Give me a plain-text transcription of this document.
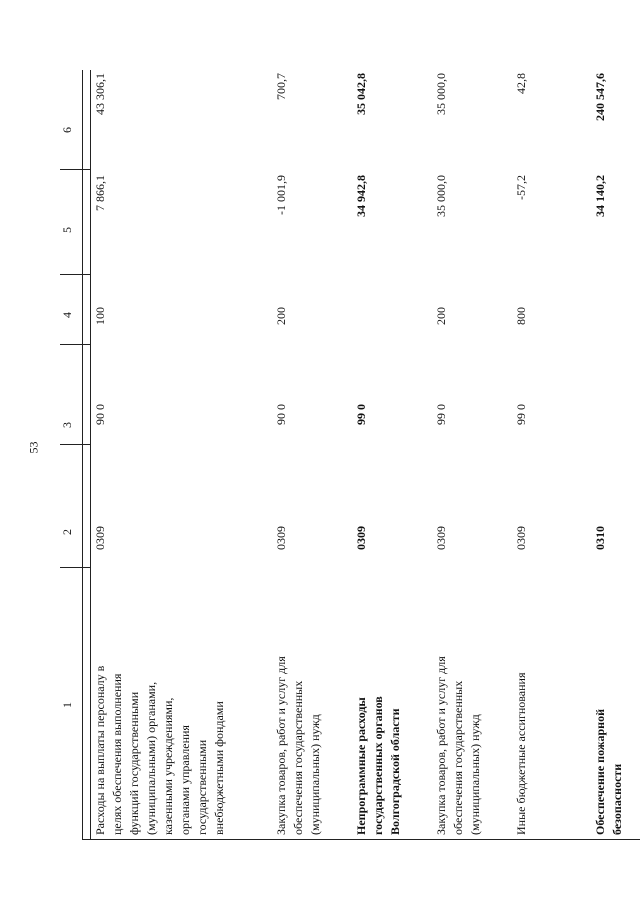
53
1
2
3
4
5
6
Расходы на выплаты персоналу в целях обеспечения выполнения функций государственными (муниципальными) органами, казенными учреждениями, органами управления государственными внебюджетными фондами
0309
90 0
100
7 866,1
43 306,1
Закупка товаров, работ и услуг для обеспечения государственных (муниципальных) нужд
0309
90 0
200
-1 001,9
700,7
Непрограммные расходы государственных органов Волгоградской области
0309
99 0
34 942,8
35 042,8
Закупка товаров, работ и услуг для обеспечения государственных (муниципальных) нужд
0309
99 0
200
35 000,0
35 000,0
Иные бюджетные ассигнования
0309
99 0
800
-57,2
42,8
Обеспечение пожарной безопасности
0310
34 140,2
240 547,6
